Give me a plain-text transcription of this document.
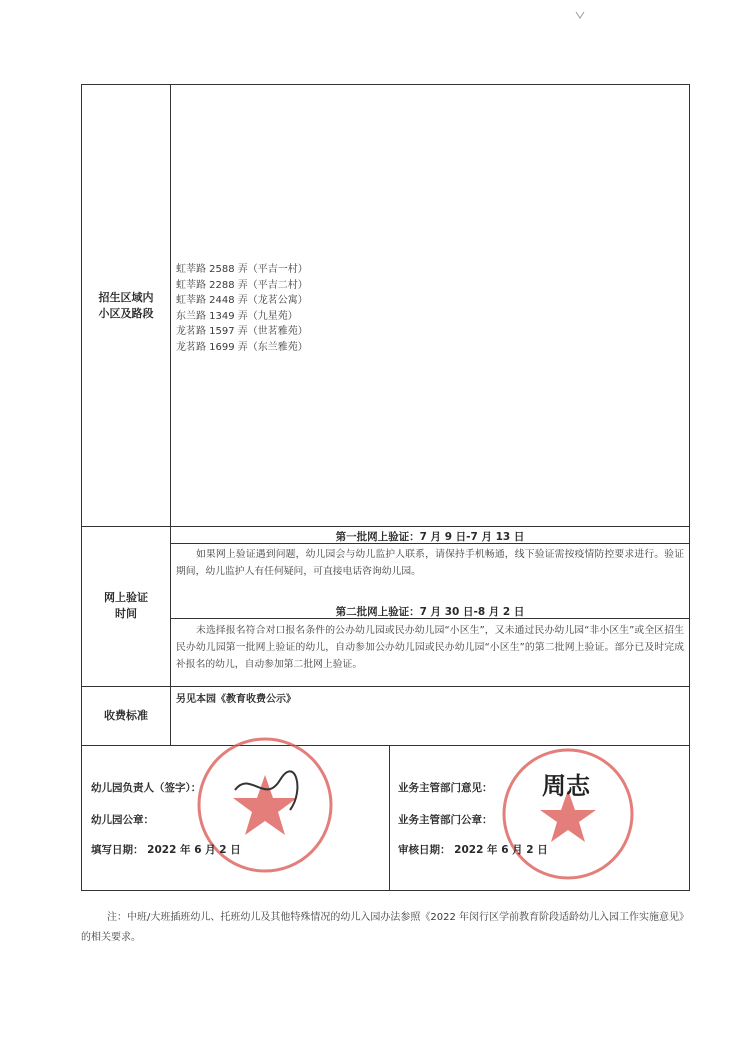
招生区域内
小区及路段
虹莘路 2588 弄（平吉一村）
虹莘路 2288 弄（平吉二村）
虹莘路 2448 弄（龙茗公寓）
东兰路 1349 弄（九星苑）
龙茗路 1597 弄（世茗雅苑）
龙茗路 1699 弄（东兰雅苑）
网上验证
时间
第一批网上验证：7 月 9 日-7 月 13 日
如果网上验证遇到问题，幼儿园会与幼儿监护人联系，请保持手机畅通，线下验证需按疫情防控要求进行。验证期间，幼儿监护人有任何疑问，可直接电话咨询幼儿园。
第二批网上验证：7 月 30 日-8 月 2 日
未选择报名符合对口报名条件的公办幼儿园或民办幼儿园“小区生”，又未通过民办幼儿园“非小区生”或全区招生民办幼儿园第一批网上验证的幼儿，自动参加公办幼儿园或民办幼儿园“小区生”的第二批网上验证。部分已及时完成补报名的幼儿，自动参加第二批网上验证。
收费标准
另见本园《教育收费公示》
周志
幼儿园负责人（签字）：
幼儿园公章：
填写日期： 2022 年 6 月 2 日
业务主管部门意见：
业务主管部门公章：
审核日期： 2022 年 6 月 2 日
注：中班/大班插班幼儿、托班幼儿及其他特殊情况的幼儿入园办法参照《2022 年闵行区学前教育阶段适龄幼儿入园工作实施意见》的相关要求。
